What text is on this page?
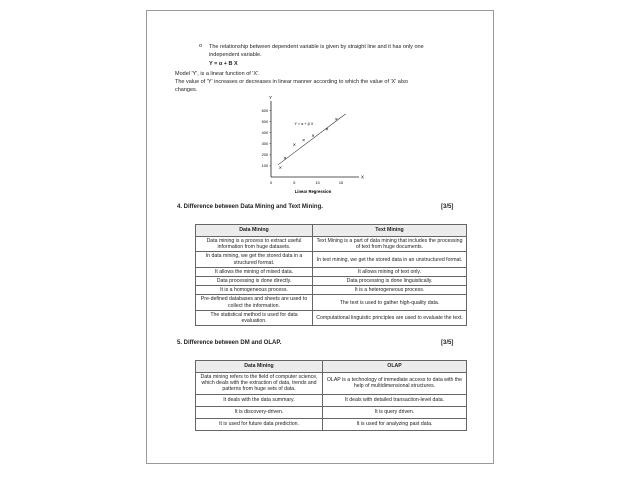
o The relationship between dependent variable is given by straight line and it has only one independent variable.
Y = α + B X
Model 'Y', is a linear function of 'X'.
The value of 'Y' increases or decreases in linear manner according to which the value of 'X' also
changes.
X
Y
Linear Regression
0	5	10	15
100
200
300
400
500
600
Y = α + β X
×
×
×
×
×
×
×
4. Difference between Data Mining and Text Mining.	[3/5]
Data Mining	Text Mining
Data mining is a process to extract useful information from huge datasets.	Text Mining is a part of data mining that includes the processing of text from huge documents.
In data mining, we get the stored data in a structured format.	In text mining, we get the stored data in an unstructured format.
It allows the mining of mixed data.	It allows mining of text only.
Data processing is done directly.	Data processing is done linguistically.
It is a homogeneous process.	It is a heterogeneous process.
Pre-defined databases and sheets are used to collect the information.	The text is used to gather high-quality data.
The statistical method is used for data evaluation.	Computational linguistic principles are used to evaluate the text.
5. Difference between DM and OLAP.	[3/5]
Data Mining	OLAP
Data mining refers to the field of computer science, which deals with the extraction of data, trends and patterns from huge sets of data.	OLAP is a technology of immediate access to data with the help of multidimensional structures.
It deals with the data summary.	It deals with detailed transaction-level data.
It is discovery-driven.	It is query driven.
It is used for future data prediction.	It is used for analyzing past data.
